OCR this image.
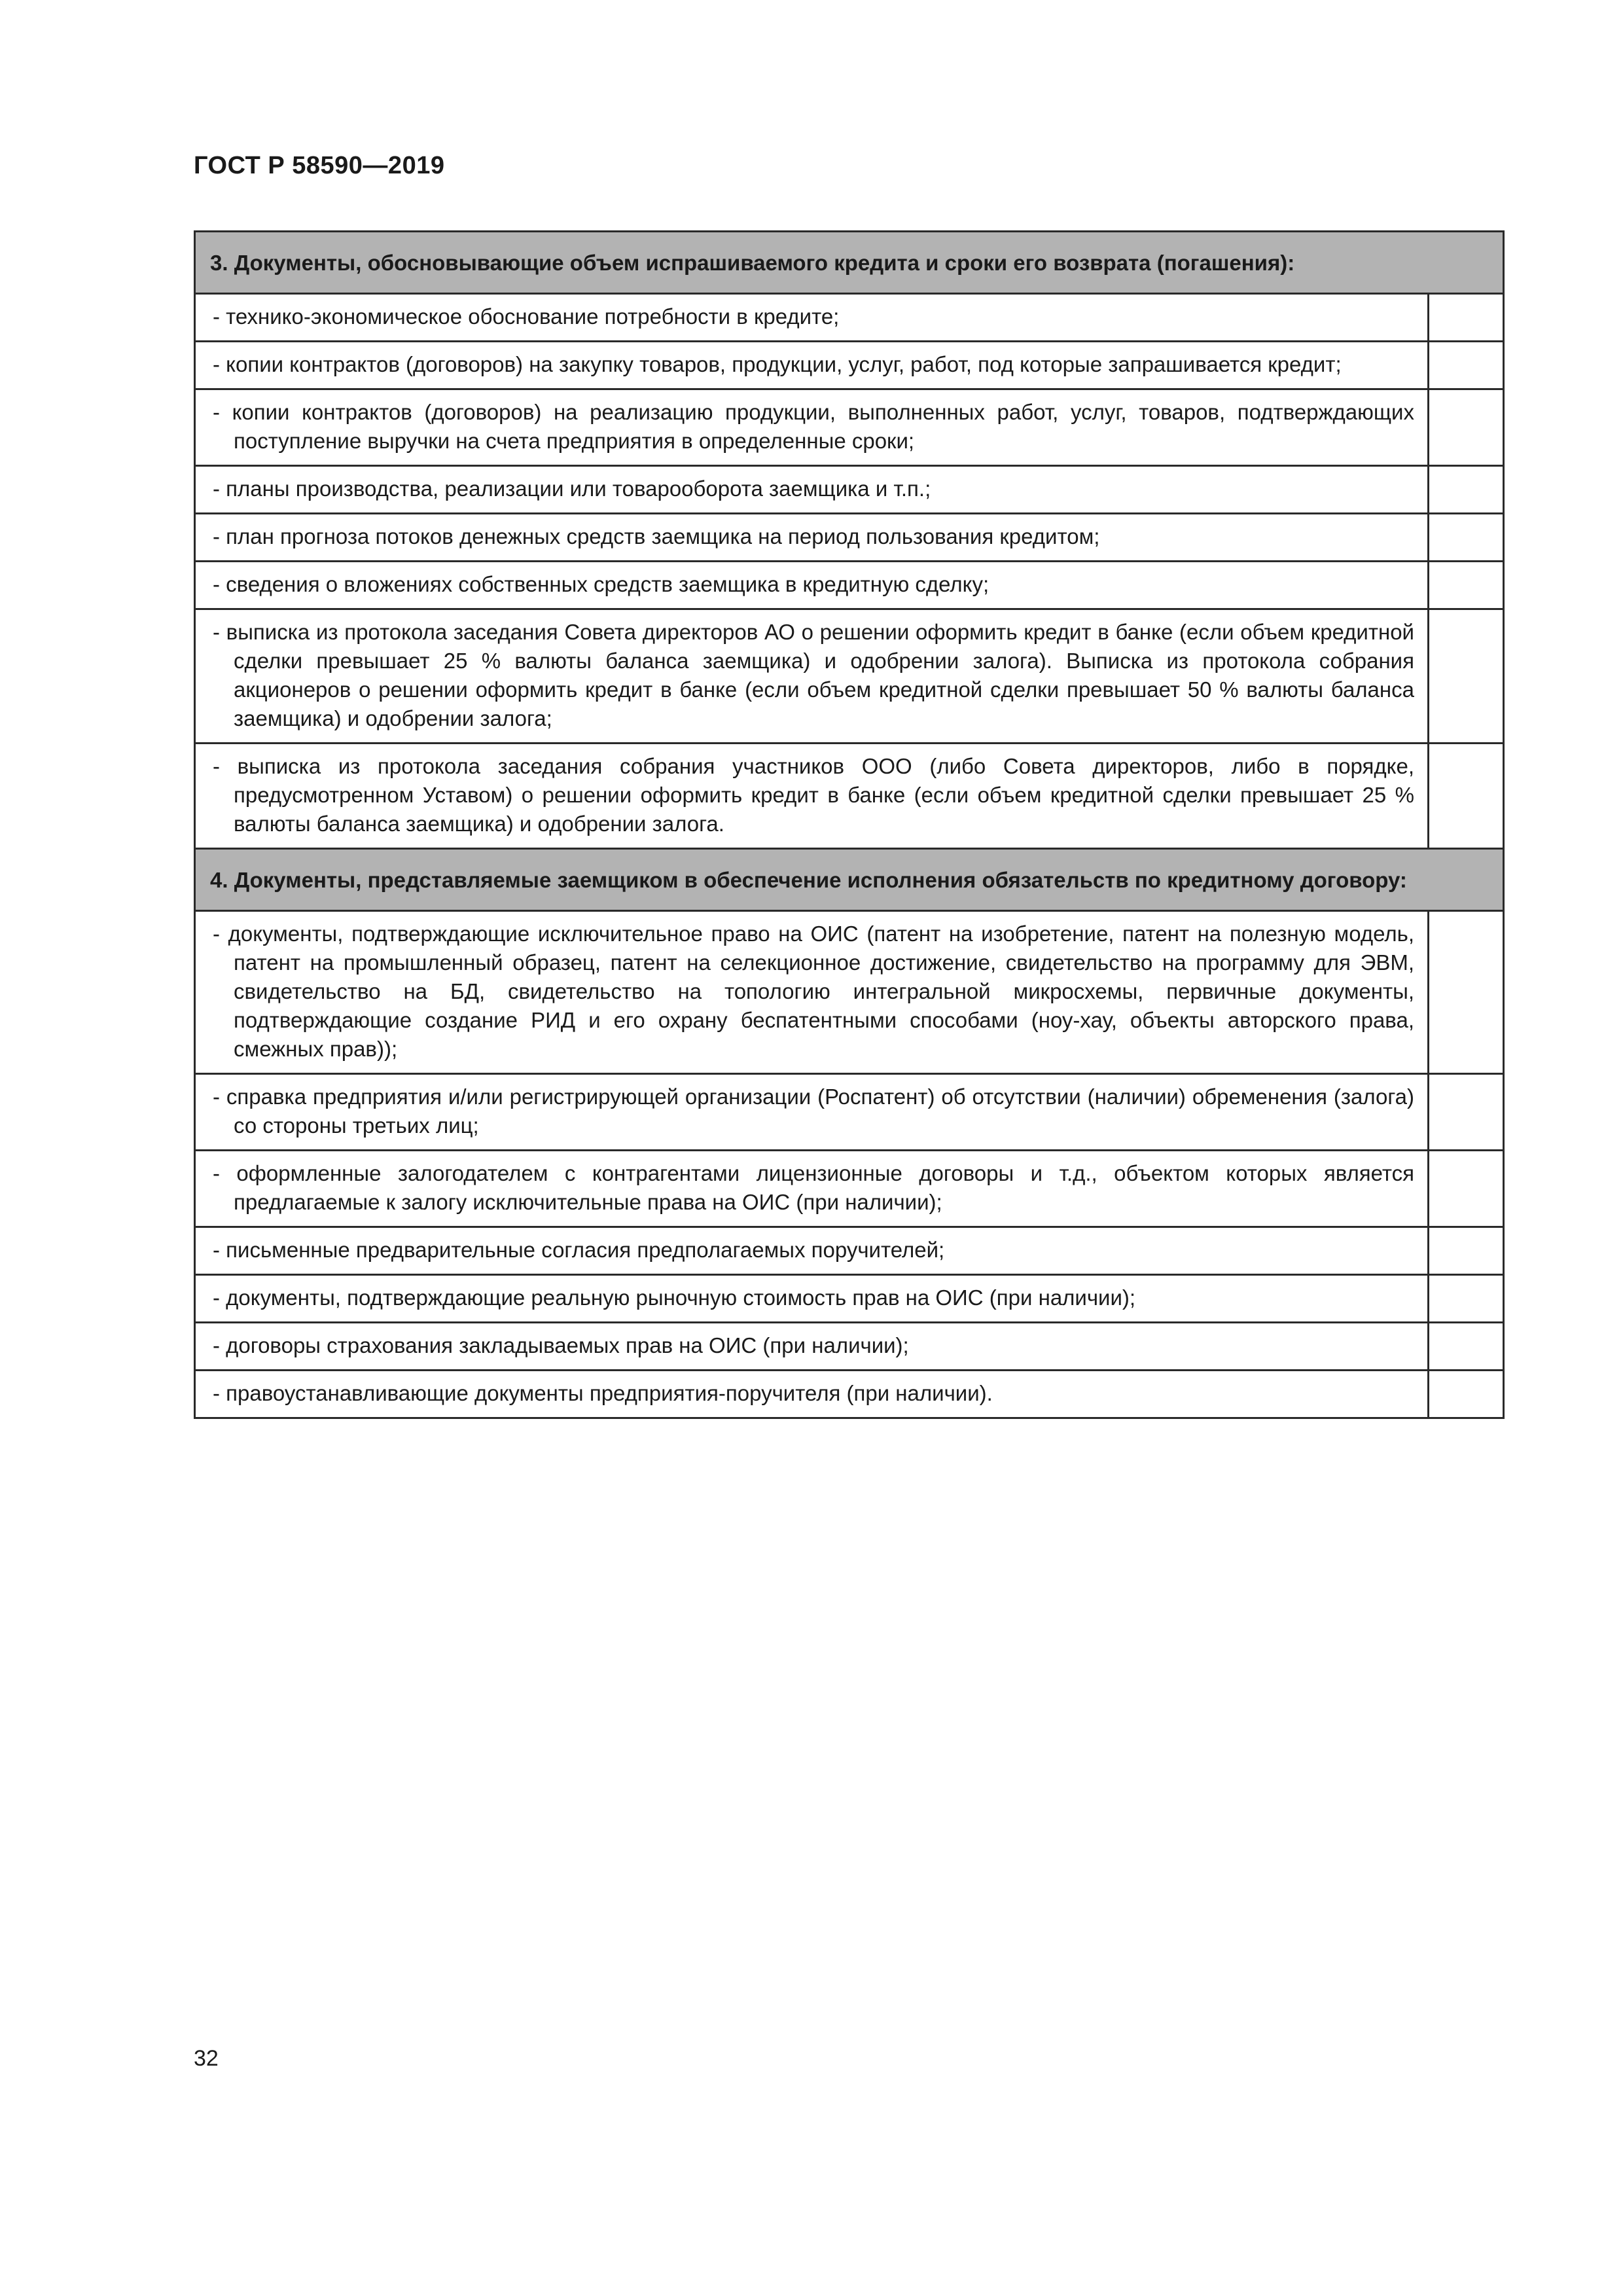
ГОСТ Р 58590—2019
3. Документы, обосновывающие объем испрашиваемого кредита и сроки его возврата (погашения):	
- технико-экономическое обоснование потребности в кредите;	
- копии контрактов (договоров) на закупку товаров, продукции, услуг, работ, под которые запрашивается кредит;	
- копии контрактов (договоров) на реализацию продукции, выполненных работ, услуг, товаров, подтверждающих поступление выручки на счета предприятия в определенные сроки;	
- планы производства, реализации или товарооборота заемщика и т.п.;	
- план прогноза потоков денежных средств заемщика на период пользования кредитом;	
- сведения о вложениях собственных средств заемщика в кредитную сделку;	
- выписка из протокола заседания Совета директоров АО о решении оформить кредит в банке (если объем кредитной сделки превышает 25 % валюты баланса заемщика) и одобрении залога). Выписка из протокола собрания акционеров о решении оформить кредит в банке (если объем кредитной сделки превышает 50 % валюты баланса заемщика) и одобрении залога;	
- выписка из протокола заседания собрания участников ООО (либо Совета директоров, либо в порядке, предусмотренном Уставом) о решении оформить кредит в банке (если объем кредитной сделки превышает 25 % валюты баланса заемщика) и одобрении залога.	
4. Документы, представляемые заемщиком в обеспечение исполнения обязательств по кредитному договору:	
- документы, подтверждающие исключительное право на ОИС (патент на изобретение, патент на полезную модель, патент на промышленный образец, патент на селекционное достижение, свидетельство на программу для ЭВМ, свидетельство на БД, свидетельство на топологию интегральной микросхемы, первичные документы, подтверждающие создание РИД и его охрану беспатентными способами (ноу-хау, объекты авторского права, смежных прав));	
- справка предприятия и/или регистрирующей организации (Роспатент) об отсутствии (наличии) обременения (залога) со стороны третьих лиц;	
- оформленные залогодателем с контрагентами лицензионные договоры и т.д., объектом которых является предлагаемые к залогу исключительные права на ОИС (при наличии);	
- письменные предварительные согласия предполагаемых поручителей;	
- документы, подтверждающие реальную рыночную стоимость прав на ОИС (при наличии);	
- договоры страхования закладываемых прав на ОИС (при наличии);	
- правоустанавливающие документы предприятия-поручителя (при наличии).	
32
